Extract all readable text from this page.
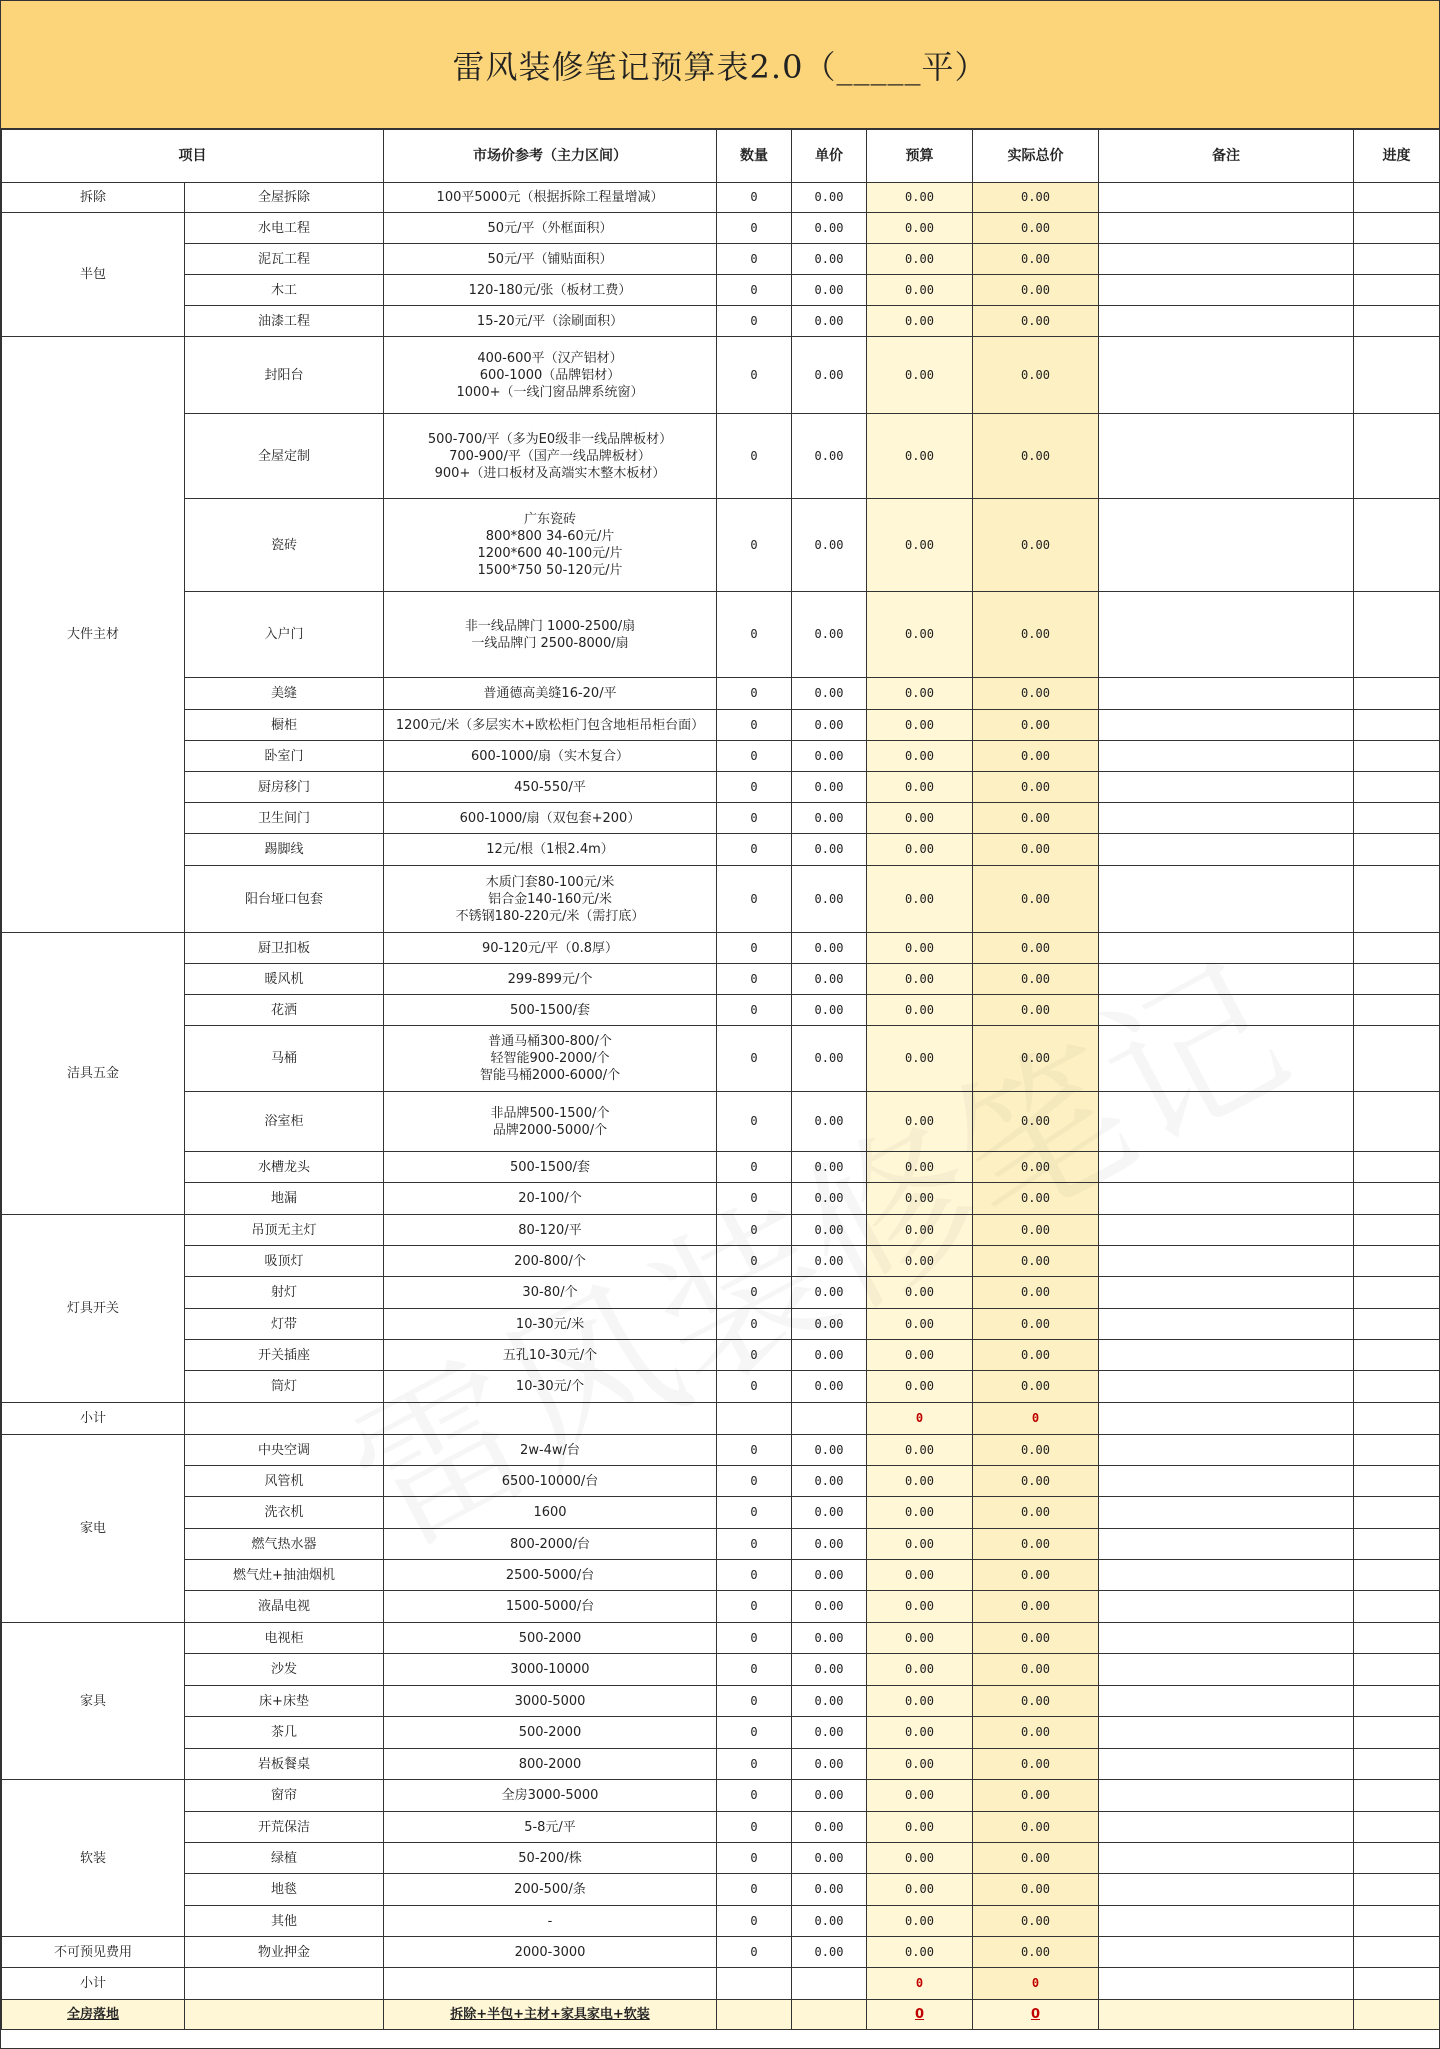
雷风装修笔记预算表2.0（_____平）
项目		市场价参考（主力区间）	数量	单价	预算	实际总价	备注	进度
拆除	全屋拆除	100平5000元（根据拆除工程量增减）	0	0.00	0.00	0.00		
半包	水电工程	50元/平（外框面积）	0	0.00	0.00	0.00		
	泥瓦工程	50元/平（铺贴面积）	0	0.00	0.00	0.00		
	木工	120-180元/张（板材工费）	0	0.00	0.00	0.00		
	油漆工程	15-20元/平（涂刷面积）	0	0.00	0.00	0.00		
大件主材	封阳台	400-600平（汉产铝材）
600-1000（品牌铝材）
1000+（一线门窗品牌系统窗）	0	0.00	0.00	0.00		
	全屋定制	500-700/平（多为E0级非一线品牌板材）
700-900/平（国产一线品牌板材）
900+（进口板材及高端实木整木板材）	0	0.00	0.00	0.00		
	瓷砖	广东瓷砖
800*800 34-60元/片
1200*600 40-100元/片
1500*750 50-120元/片	0	0.00	0.00	0.00		
	入户门	非一线品牌门 1000-2500/扇
一线品牌门 2500-8000/扇	0	0.00	0.00	0.00		
	美缝	普通德高美缝16-20/平	0	0.00	0.00	0.00		
	橱柜	1200元/米（多层实木+欧松柜门包含地柜吊柜台面）	0	0.00	0.00	0.00		
	卧室门	600-1000/扇（实木复合）	0	0.00	0.00	0.00		
	厨房移门	450-550/平	0	0.00	0.00	0.00		
	卫生间门	600-1000/扇（双包套+200）	0	0.00	0.00	0.00		
	踢脚线	12元/根（1根2.4m）	0	0.00	0.00	0.00		
	阳台垭口包套	木质门套80-100元/米
铝合金140-160元/米
不锈钢180-220元/米（需打底）	0	0.00	0.00	0.00		
洁具五金	厨卫扣板	90-120元/平（0.8厚）	0	0.00	0.00	0.00		
	暖风机	299-899元/个	0	0.00	0.00	0.00		
	花洒	500-1500/套	0	0.00	0.00	0.00		
	马桶	普通马桶300-800/个
轻智能900-2000/个
智能马桶2000-6000/个	0	0.00	0.00	0.00		
	浴室柜	非品牌500-1500/个
品牌2000-5000/个	0	0.00	0.00	0.00		
	水槽龙头	500-1500/套	0	0.00	0.00	0.00		
	地漏	20-100/个	0	0.00	0.00	0.00		
灯具开关	吊顶无主灯	80-120/平	0	0.00	0.00	0.00		
	吸顶灯	200-800/个	0	0.00	0.00	0.00		
	射灯	30-80/个	0	0.00	0.00	0.00		
	灯带	10-30元/米	0	0.00	0.00	0.00		
	开关插座	五孔10-30元/个	0	0.00	0.00	0.00		
	筒灯	10-30元/个	0	0.00	0.00	0.00		
小计					0	0		
家电	中央空调	2w-4w/台	0	0.00	0.00	0.00		
	风管机	6500-10000/台	0	0.00	0.00	0.00		
	洗衣机	1600	0	0.00	0.00	0.00		
	燃气热水器	800-2000/台	0	0.00	0.00	0.00		
	燃气灶+抽油烟机	2500-5000/台	0	0.00	0.00	0.00		
	液晶电视	1500-5000/台	0	0.00	0.00	0.00		
家具	电视柜	500-2000	0	0.00	0.00	0.00		
	沙发	3000-10000	0	0.00	0.00	0.00		
	床+床垫	3000-5000	0	0.00	0.00	0.00		
	茶几	500-2000	0	0.00	0.00	0.00		
	岩板餐桌	800-2000	0	0.00	0.00	0.00		
软装	窗帘	全房3000-5000	0	0.00	0.00	0.00		
	开荒保洁	5-8元/平	0	0.00	0.00	0.00		
	绿植	50-200/株	0	0.00	0.00	0.00		
	地毯	200-500/条	0	0.00	0.00	0.00		
	其他	-	0	0.00	0.00	0.00		
不可预见费用	物业押金	2000-3000	0	0.00	0.00	0.00		
小计					0	0		
全房落地		拆除+半包+主材+家具家电+软装			0	0		
